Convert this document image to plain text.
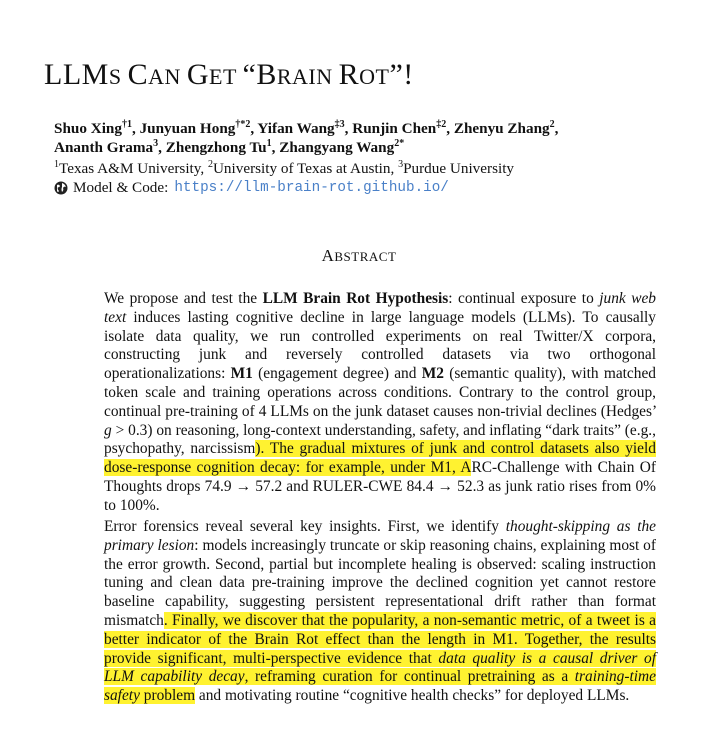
LLMS CAN GET “BRAIN ROT”!
Shuo Xing$^{\dagger 1}$, Junyuan Hong$^{\dagger*2}$, Yifan Wang$^{\ddagger 3}$, Runjin Chen$^{\ddagger 2}$, Zhenyu Zhang$^2$,
Ananth Grama$^3$, Zhengzhong Tu$^1$, Zhangyang Wang$^{2*}$
$^1$Texas A&M University, $^2$University of Texas at Austin, $^3$Purdue University
Model & Code: https://llm-brain-rot.github.io/
ABSTRACT
We propose and test the LLM Brain Rot Hypothesis: continual exposure to junk web text induces lasting cognitive decline in large language models (LLMs). To causally isolate data quality, we run controlled experiments on real Twitter/X corpora, constructing junk and reversely controlled datasets via two orthogonal operationalizations: M1 (engagement degree) and M2 (semantic quality), with matched token scale and training operations across conditions. Contrary to the control group, continual pre-training of 4 LLMs on the junk dataset causes non-trivial declines (Hedges’ g > 0.3) on reasoning, long-context understanding, safety, and inflating “dark traits” (e.g., psychopathy, narcissism). The gradual mixtures of junk and control datasets also yield dose-response cognition decay: for example, under M1, ARC-Challenge with Chain Of Thoughts drops 74.9 → 57.2 and RULER-CWE 84.4 → 52.3 as junk ratio rises from 0% to 100%.
Error forensics reveal several key insights. First, we identify thought-skipping as the primary lesion: models increasingly truncate or skip reasoning chains, explaining most of the error growth. Second, partial but incomplete healing is observed: scaling instruction tuning and clean data pre-training improve the declined cognition yet cannot restore baseline capability, suggesting persistent representational drift rather than format mismatch. Finally, we discover that the popularity, a non-semantic metric, of a tweet is a better indicator of the Brain Rot effect than the length in M1. Together, the results provide significant, multi-perspective evidence that data quality is a causal driver of LLM capability decay, reframing curation for continual pretraining as a training-time safety problem and motivating routine “cognitive health checks” for deployed LLMs.
